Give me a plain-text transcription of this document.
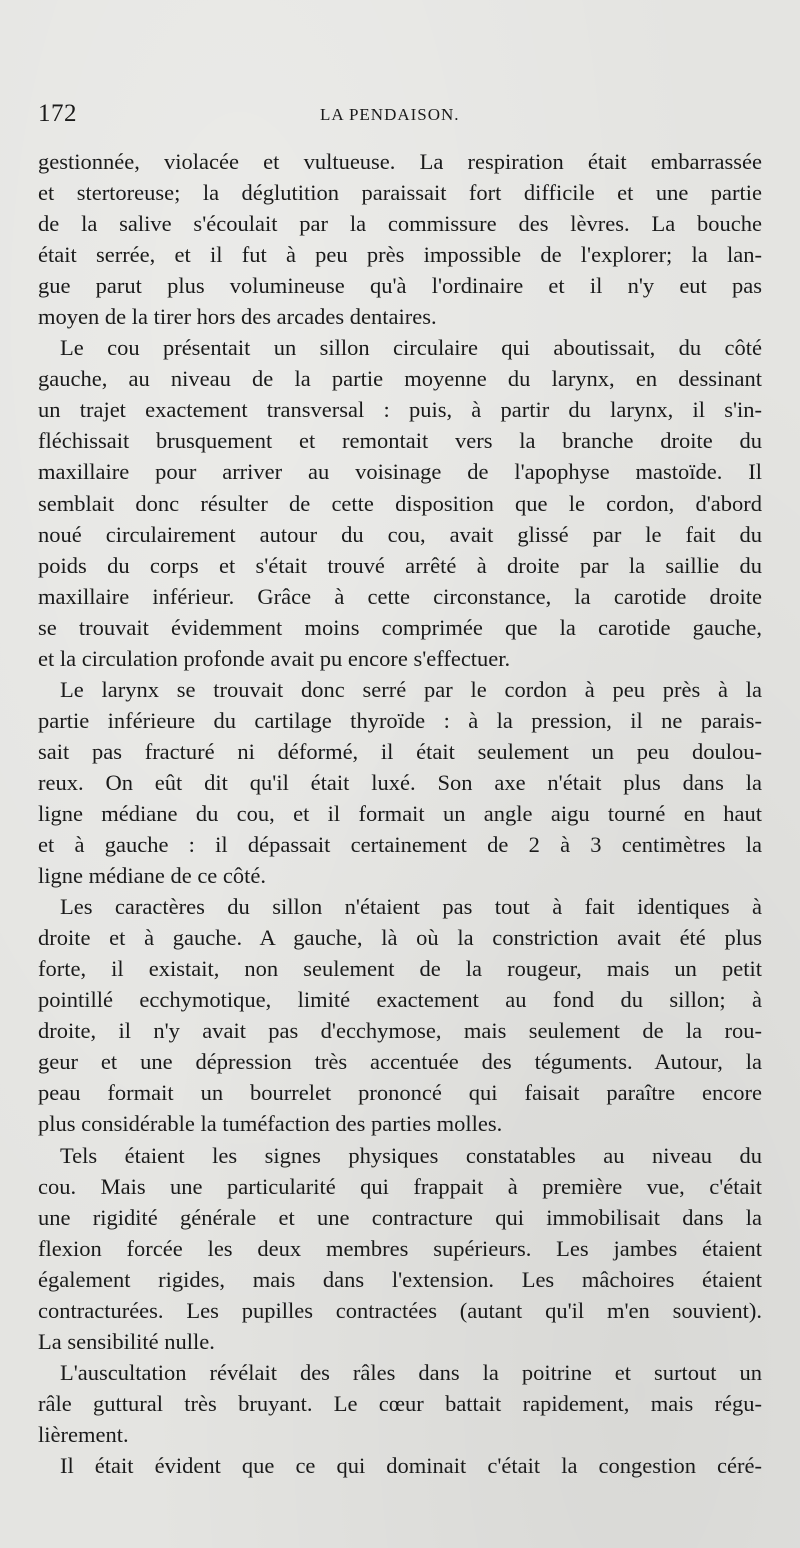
172	LA PENDAISON.
gestionnée, violacée et vultueuse. La respiration était embarrassée
et stertoreuse; la déglutition paraissait fort difficile et une partie
de la salive s'écoulait par la commissure des lèvres. La bouche
était serrée, et il fut à peu près impossible de l'explorer; la lan-
gue parut plus volumineuse qu'à l'ordinaire et il n'y eut pas
moyen de la tirer hors des arcades dentaires.
Le cou présentait un sillon circulaire qui aboutissait, du côté
gauche, au niveau de la partie moyenne du larynx, en dessinant
un trajet exactement transversal : puis, à partir du larynx, il s'in-
fléchissait brusquement et remontait vers la branche droite du
maxillaire pour arriver au voisinage de l'apophyse mastoïde. Il
semblait donc résulter de cette disposition que le cordon, d'abord
noué circulairement autour du cou, avait glissé par le fait du
poids du corps et s'était trouvé arrêté à droite par la saillie du
maxillaire inférieur. Grâce à cette circonstance, la carotide droite
se trouvait évidemment moins comprimée que la carotide gauche,
et la circulation profonde avait pu encore s'effectuer.
Le larynx se trouvait donc serré par le cordon à peu près à la
partie inférieure du cartilage thyroïde : à la pression, il ne parais-
sait pas fracturé ni déformé, il était seulement un peu doulou-
reux. On eût dit qu'il était luxé. Son axe n'était plus dans la
ligne médiane du cou, et il formait un angle aigu tourné en haut
et à gauche : il dépassait certainement de 2 à 3 centimètres la
ligne médiane de ce côté.
Les caractères du sillon n'étaient pas tout à fait identiques à
droite et à gauche. A gauche, là où la constriction avait été plus
forte, il existait, non seulement de la rougeur, mais un petit
pointillé ecchymotique, limité exactement au fond du sillon; à
droite, il n'y avait pas d'ecchymose, mais seulement de la rou-
geur et une dépression très accentuée des téguments. Autour, la
peau formait un bourrelet prononcé qui faisait paraître encore
plus considérable la tuméfaction des parties molles.
Tels étaient les signes physiques constatables au niveau du
cou. Mais une particularité qui frappait à première vue, c'était
une rigidité générale et une contracture qui immobilisait dans la
flexion forcée les deux membres supérieurs. Les jambes étaient
également rigides, mais dans l'extension. Les mâchoires étaient
contracturées. Les pupilles contractées (autant qu'il m'en souvient).
La sensibilité nulle.
L'auscultation révélait des râles dans la poitrine et surtout un
râle guttural très bruyant. Le cœur battait rapidement, mais régu-
lièrement.
Il était évident que ce qui dominait c'était la congestion céré-
